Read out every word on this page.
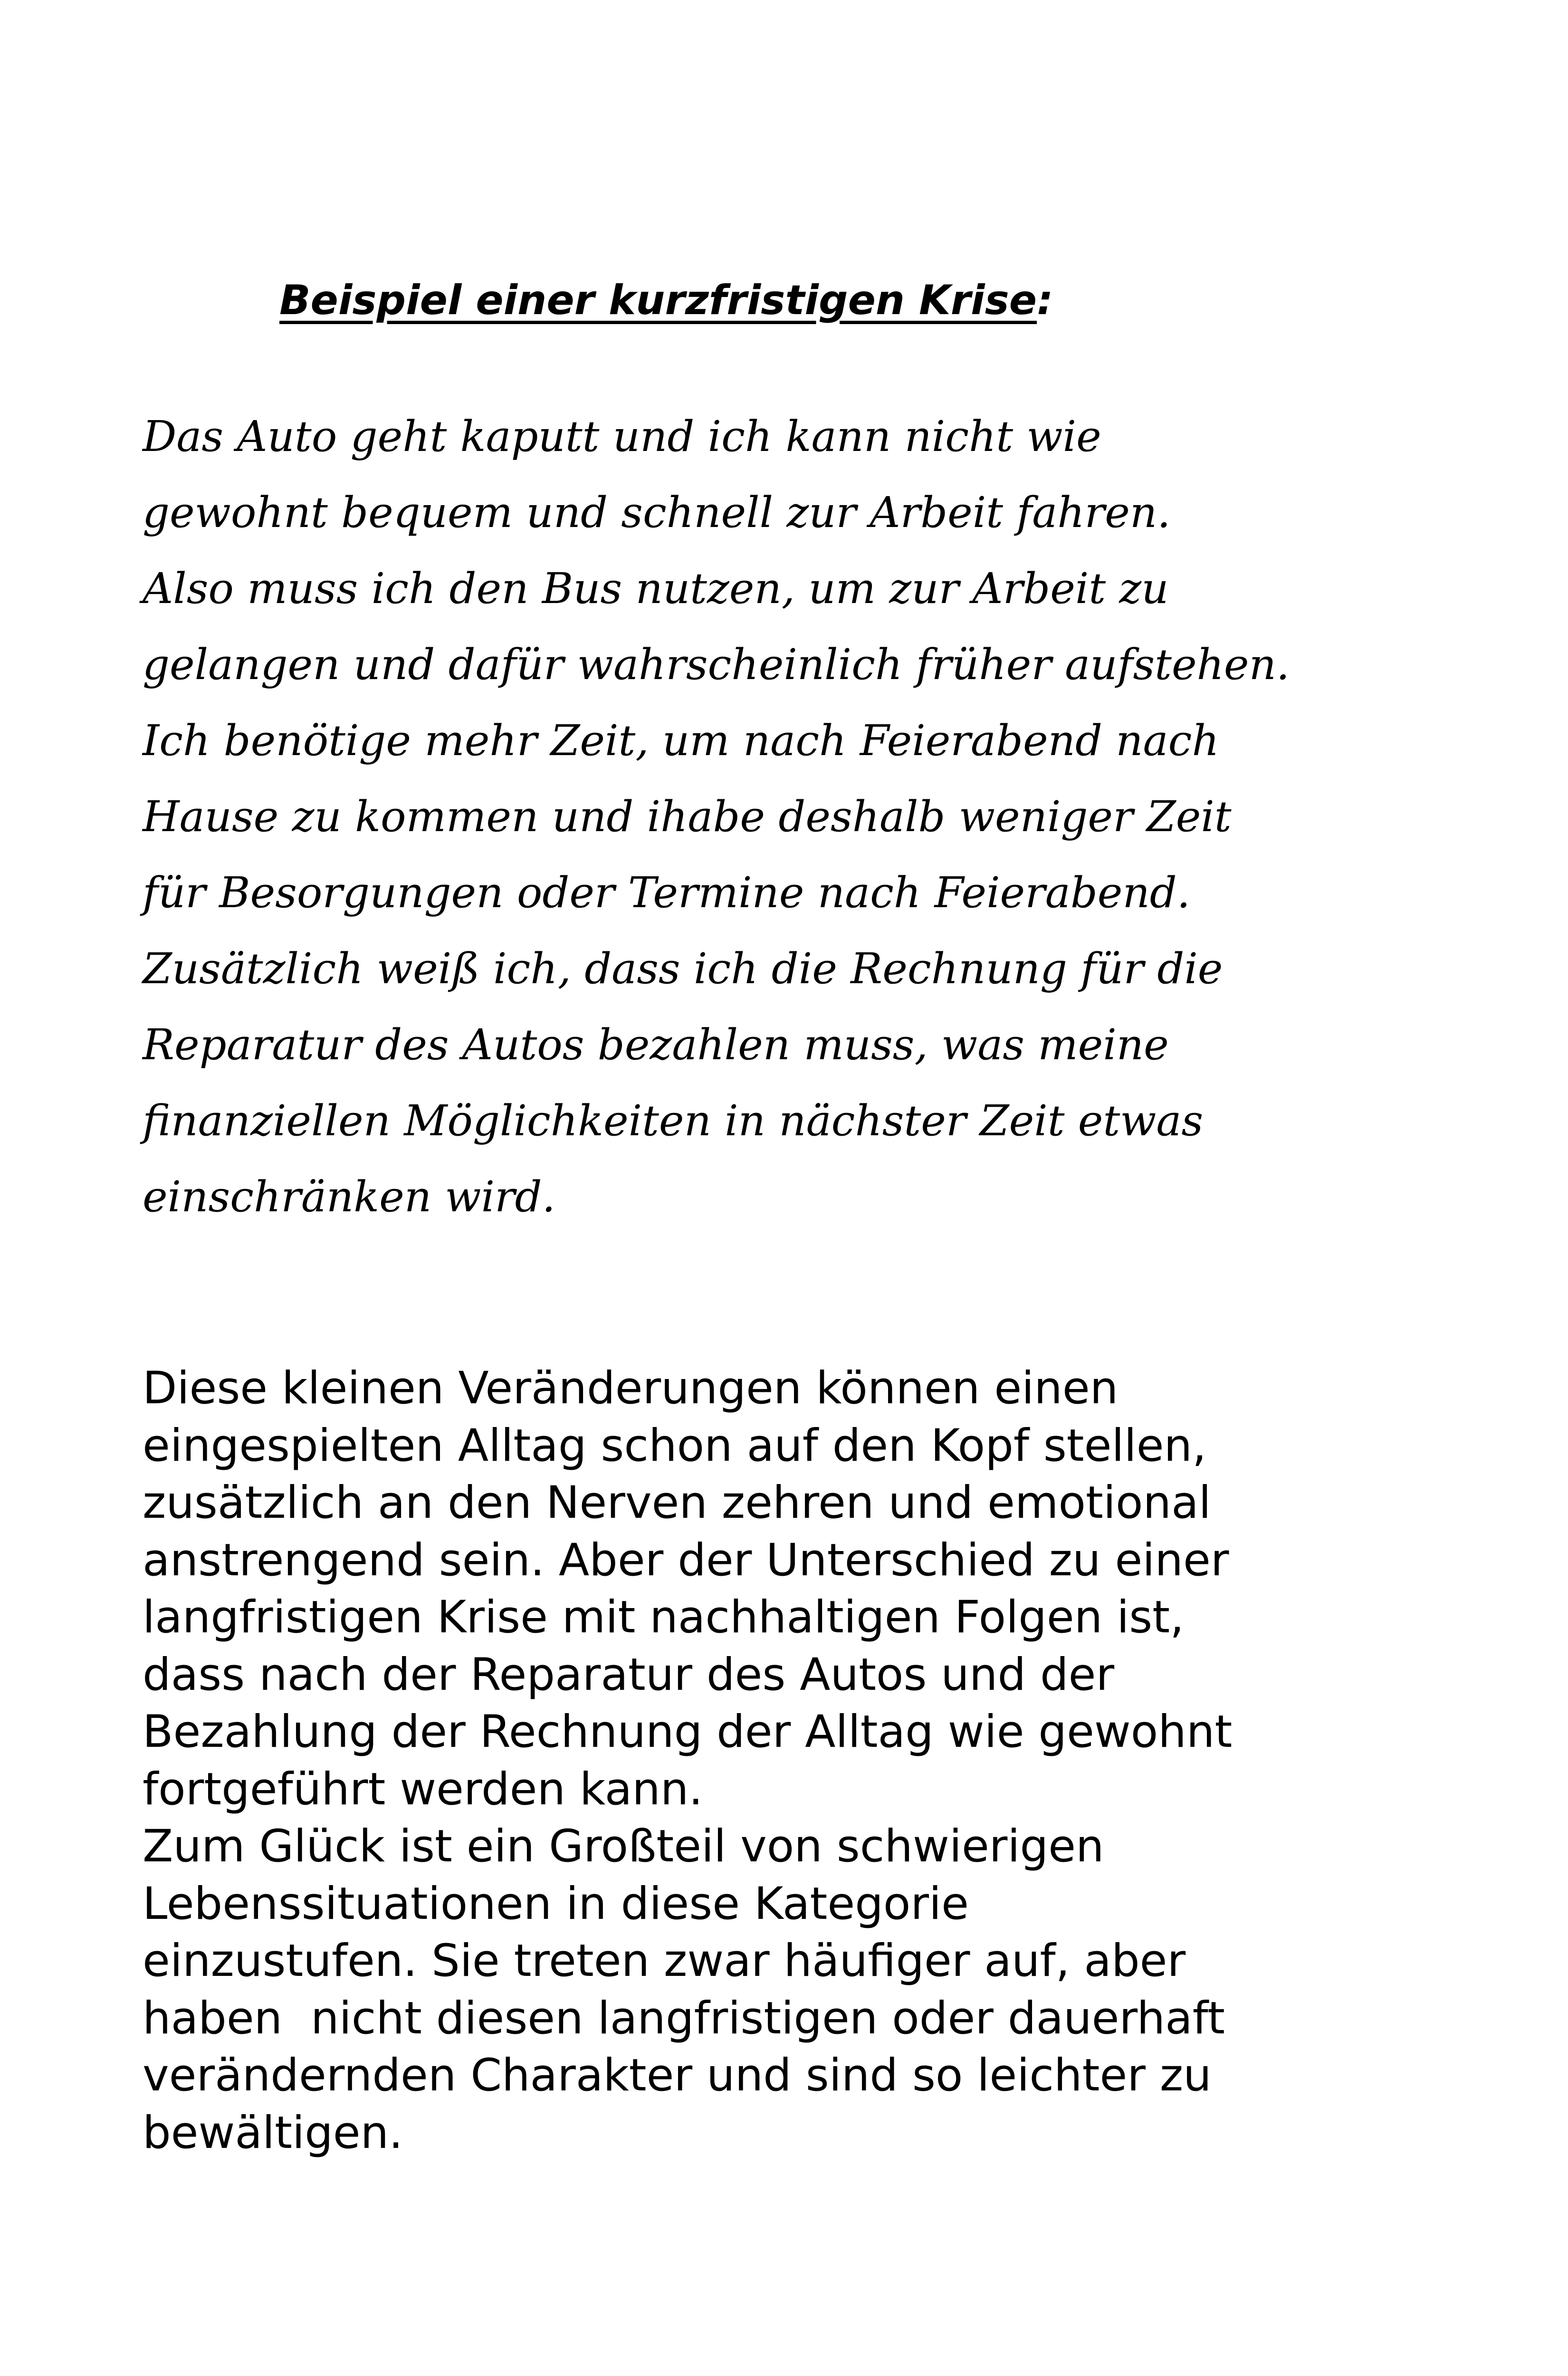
Beispiel einer kurzfristigen Krise:
Das Auto geht kaputt und ich kann nicht wie
gewohnt bequem und schnell zur Arbeit fahren.
Also muss ich den Bus nutzen, um zur Arbeit zu
gelangen und dafür wahrscheinlich früher aufstehen.
Ich benötige mehr Zeit, um nach Feierabend nach
Hause zu kommen und ihabe deshalb weniger Zeit
für Besorgungen oder Termine nach Feierabend.
Zusätzlich weiß ich, dass ich die Rechnung für die
Reparatur des Autos bezahlen muss, was meine
finanziellen Möglichkeiten in nächster Zeit etwas
einschränken wird.
Diese kleinen Veränderungen können einen
eingespielten Alltag schon auf den Kopf stellen,
zusätzlich an den Nerven zehren und emotional
anstrengend sein. Aber der Unterschied zu einer
langfristigen Krise mit nachhaltigen Folgen ist,
dass nach der Reparatur des Autos und der
Bezahlung der Rechnung der Alltag wie gewohnt
fortgeführt werden kann.
Zum Glück ist ein Großteil von schwierigen
Lebenssituationen in diese Kategorie
einzustufen. Sie treten zwar häufiger auf, aber
haben  nicht diesen langfristigen oder dauerhaft
verändernden Charakter und sind so leichter zu
bewältigen.
